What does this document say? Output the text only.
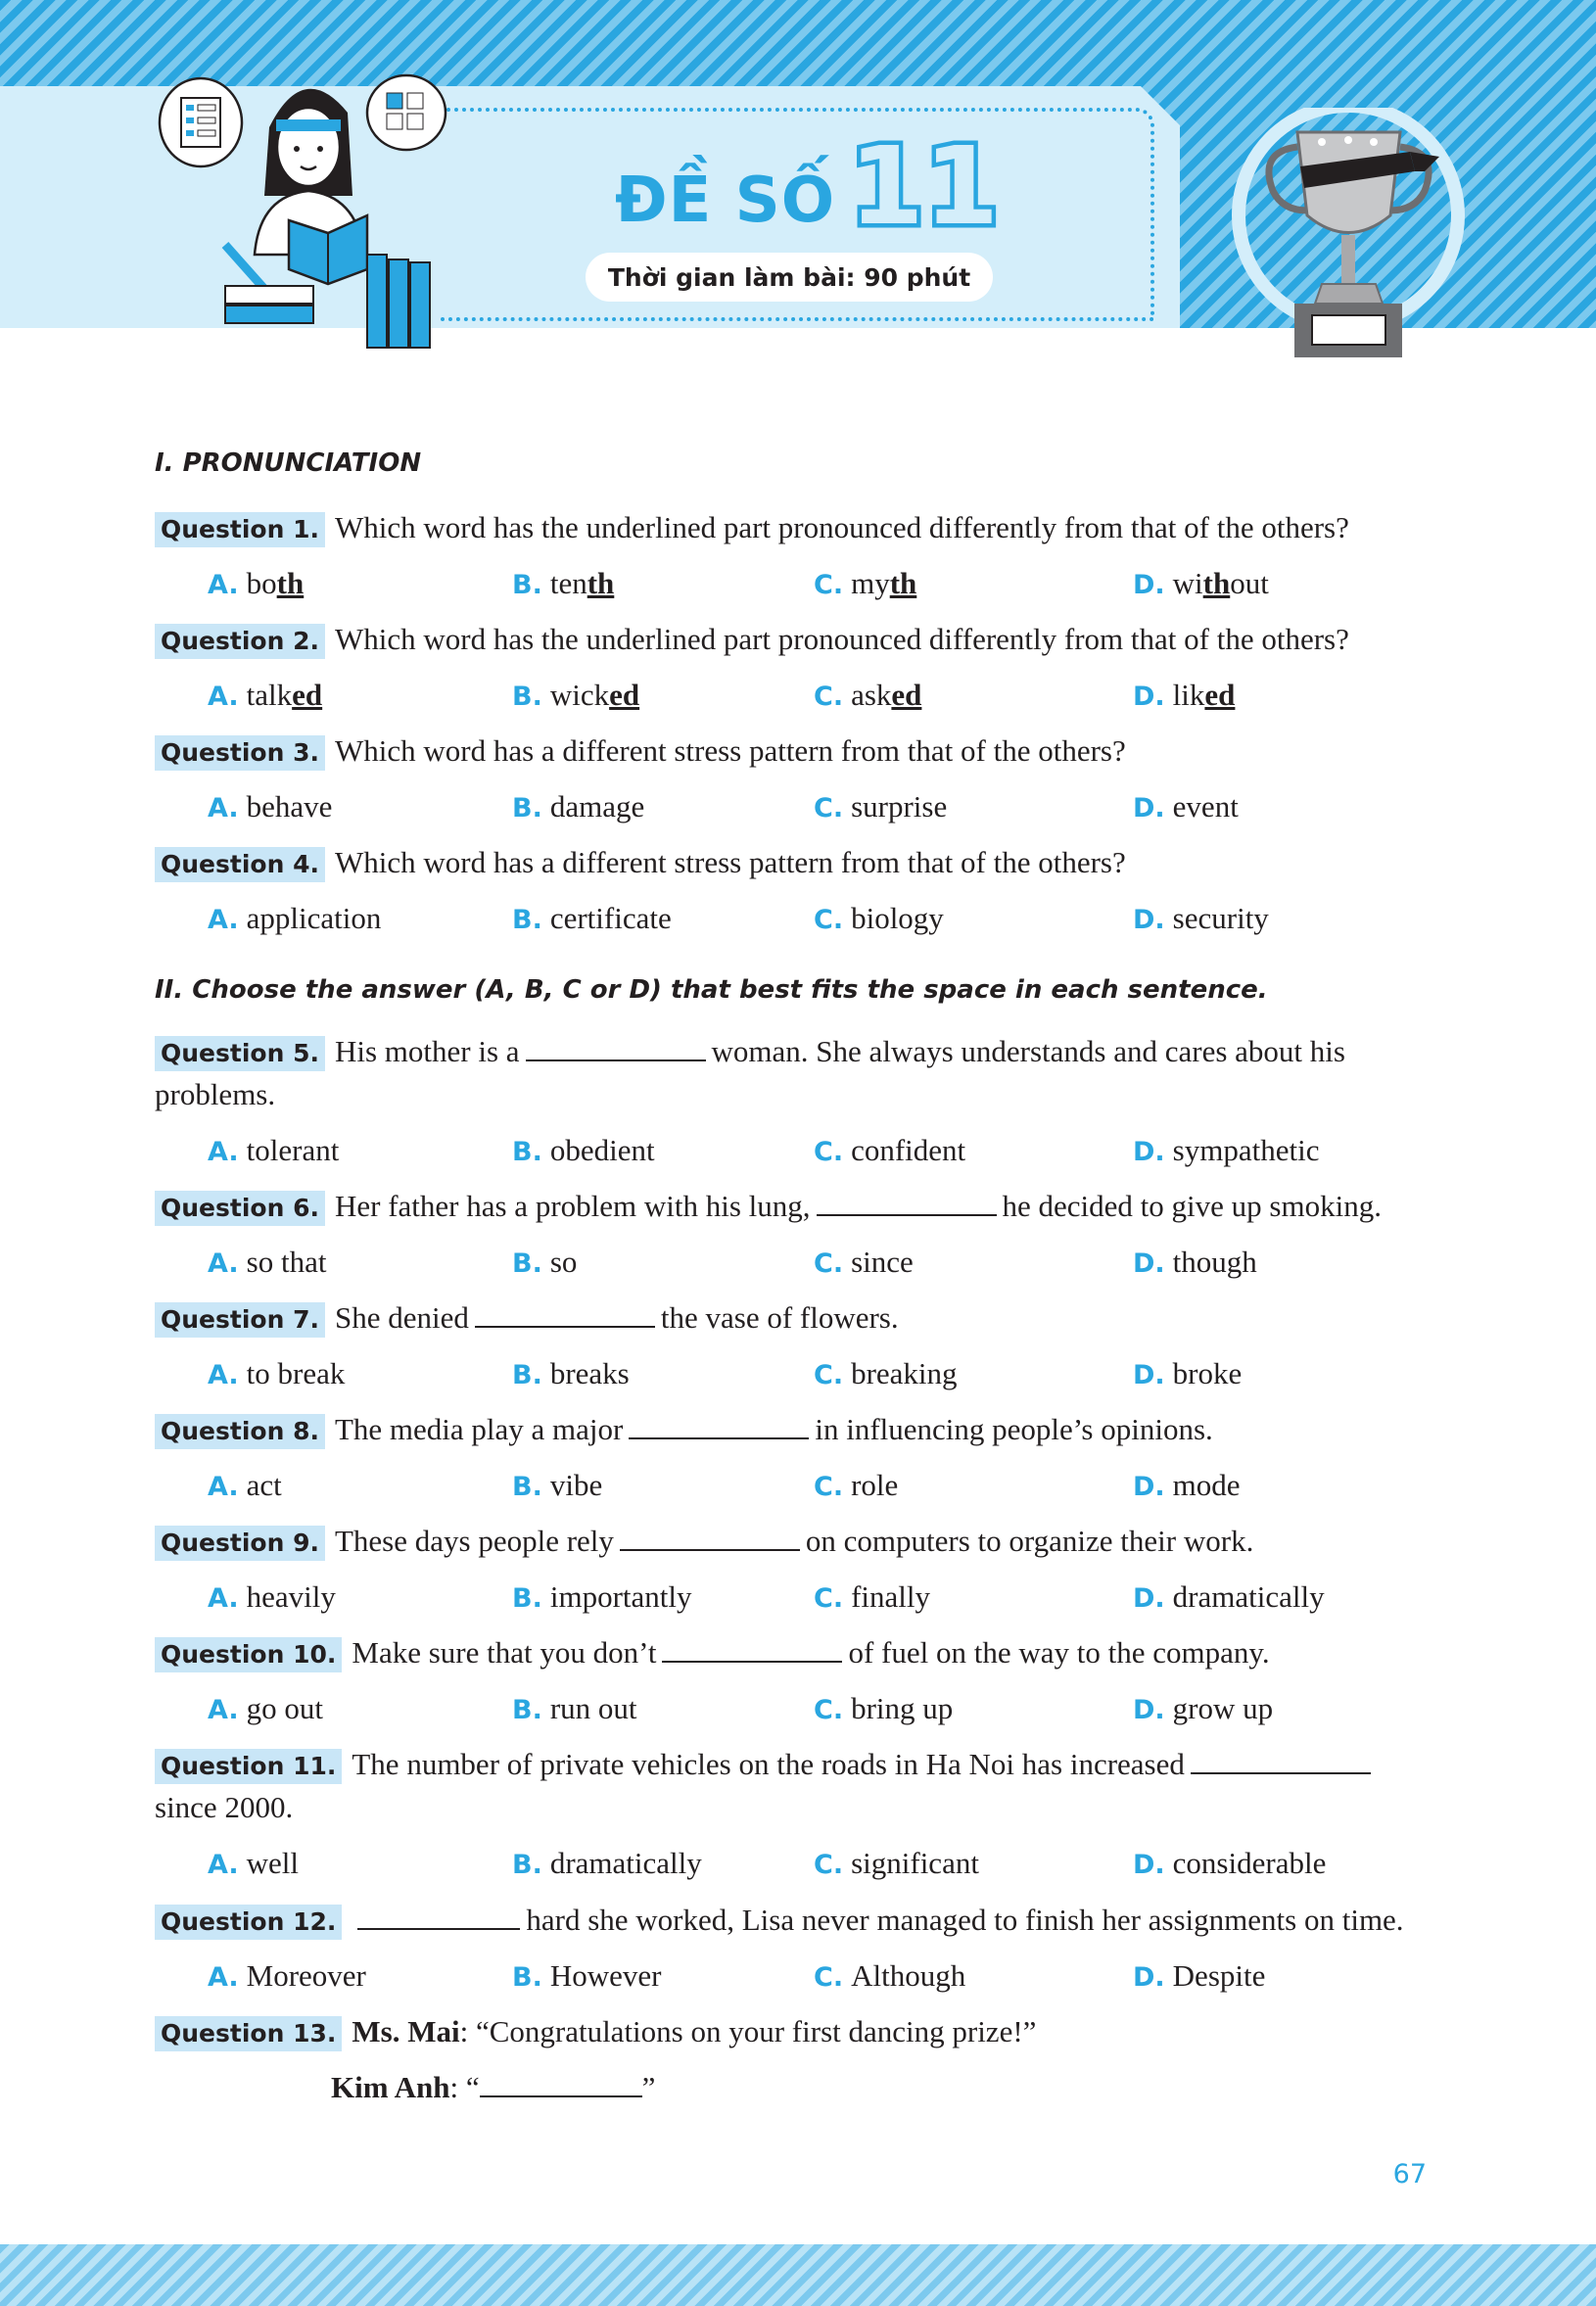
ĐỀ SỐ 11
Thời gian làm bài: 90 phút
I. PRONUNCIATION
Question 1. Which word has the underlined part pronounced differently from that of the others?
A. both	B. tenth	C. myth	D. without
Question 2. Which word has the underlined part pronounced differently from that of the others?
A. talked	B. wicked	C. asked	D. liked
Question 3. Which word has a different stress pattern from that of the others?
A. behave	B. damage	C. surprise	D. event
Question 4. Which word has a different stress pattern from that of the others?
A. application	B. certificate	C. biology	D. security
II. Choose the answer (A, B, C or D) that best fits the space in each sentence.
Question 5. His mother is a	woman. She always understands and cares about his problems.
A. tolerant	B. obedient	C. confident	D. sympathetic
Question 6. Her father has a problem with his lung,	he decided to give up smoking.
A. so that	B. so	C. since	D. though
Question 7. She denied	the vase of flowers.
A. to break	B. breaks	C. breaking	D. broke
Question 8. The media play a major	in influencing people’s opinions.
A. act	B. vibe	C. role	D. mode
Question 9. These days people rely	on computers to organize their work.
A. heavily	B. importantly	C. finally	D. dramatically
Question 10. Make sure that you don’t	of fuel on the way to the company.
A. go out	B. run out	C. bring up	D. grow up
Question 11. The number of private vehicles on the roads in Ha Noi has increasedsince 2000.
A. well	B. dramatically	C. significant	D. considerable
Question 12.	hard she worked, Lisa never managed to finish her assignments on time.
A. Moreover	B. However	C. Although	D. Despite
Question 13. Ms. Mai: “Congratulations on your first dancing prize!”
Kim Anh: “	”
67
